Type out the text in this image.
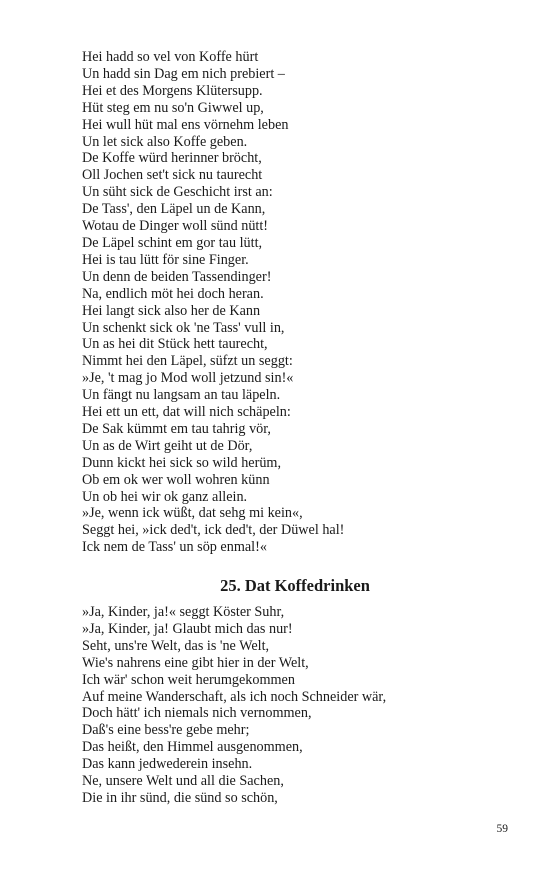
Hei hadd so vel von Koffe hürt
Un hadd sin Dag em nich prebiert –
Hei et des Morgens Klütersupp.
Hüt steg em nu so'n Giwwel up,
Hei wull hüt mal ens vörnehm leben
Un let sick also Koffe geben.
De Koffe würd herinner bröcht,
Oll Jochen set't sick nu taurecht
Un süht sick de Geschicht irst an:
De Tass', den Läpel un de Kann,
Wotau de Dinger woll sünd nütt!
De Läpel schint em gor tau lütt,
Hei is tau lütt för sine Finger.
Un denn de beiden Tassendinger!
Na, endlich möt hei doch heran.
Hei langt sick also her de Kann
Un schenkt sick ok 'ne Tass' vull in,
Un as hei dit Stück hett taurecht,
Nimmt hei den Läpel, süfzt un seggt:
»Je, 't mag jo Mod woll jetzund sin!«
Un fängt nu langsam an tau läpeln.
Hei ett un ett, dat will nich schäpeln:
De Sak kümmt em tau tahrig vör,
Un as de Wirt geiht ut de Dör,
Dunn kickt hei sick so wild herüm,
Ob em ok wer woll wohren künn
Un ob hei wir ok ganz allein.
»Je, wenn ick wüßt, dat sehg mi kein«,
Seggt hei, »ick ded't, ick ded't, der Düwel hal!
Ick nem de Tass' un söp enmal!«
25. Dat Koffedrinken
»Ja, Kinder, ja!« seggt Köster Suhr,
»Ja, Kinder, ja! Glaubt mich das nur!
Seht, uns're Welt, das is 'ne Welt,
Wie's nahrens eine gibt hier in der Welt,
Ich wär' schon weit herumgekommen
Auf meine Wanderschaft, als ich noch Schneider wär,
Doch hätt' ich niemals nich vernommen,
Daß's eine bess're gebe mehr;
Das heißt, den Himmel ausgenommen,
Das kann jedwederein insehn.
Ne, unsere Welt und all die Sachen,
Die in ihr sünd, die sünd so schön,
59
